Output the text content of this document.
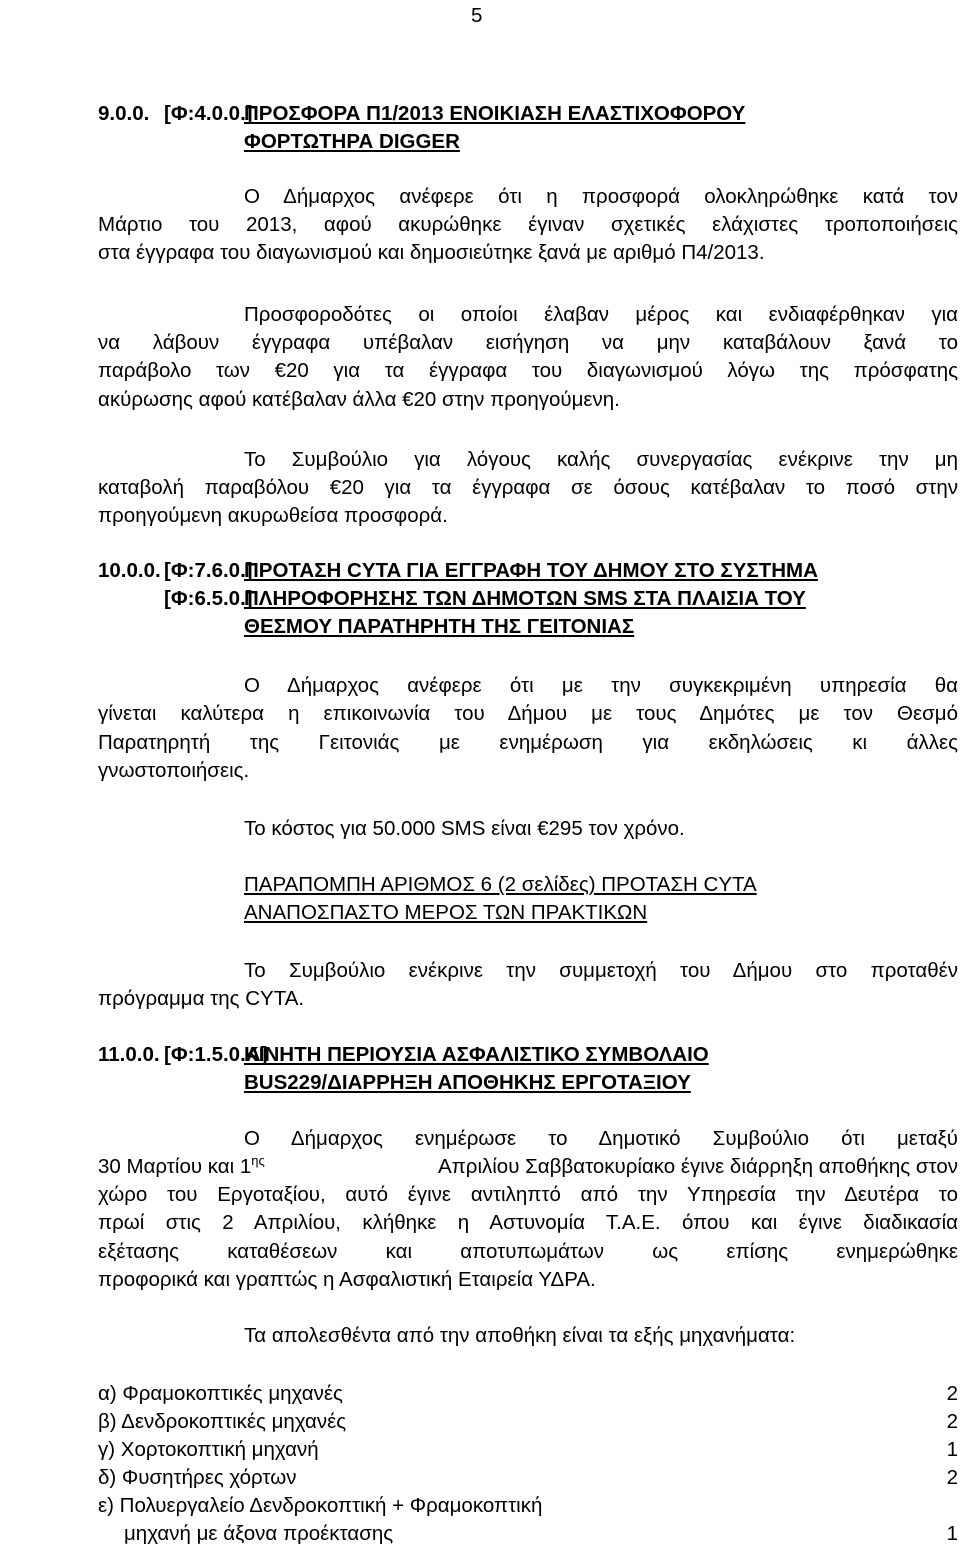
5
9.0.0. [Φ:4.0.0.]
ΠΡΟΣΦΟΡΑ Π1/2013 ΕΝΟΙΚΙΑΣΗ ΕΛΑΣΤΙΧΟΦΟΡΟΥ
ΦΟΡΤΩΤΗΡΑ DIGGER
Ο Δήμαρχος ανέφερε ότι η προσφορά ολοκληρώθηκε κατά τον
Μάρτιο του 2013, αφού ακυρώθηκε έγιναν σχετικές ελάχιστες τροποποιήσεις
στα έγγραφα του διαγωνισμού και δημοσιεύτηκε ξανά με αριθμό Π4/2013.
Προσφοροδότες οι οποίοι έλαβαν μέρος και ενδιαφέρθηκαν για
να λάβουν έγγραφα υπέβαλαν εισήγηση να μην καταβάλουν ξανά το
παράβολο των €20 για τα έγγραφα του διαγωνισμού λόγω της πρόσφατης
ακύρωσης αφού κατέβαλαν άλλα €20 στην προηγούμενη.
Το Συμβούλιο για λόγους καλής συνεργασίας ενέκρινε την μη
καταβολή παραβόλου €20 για τα έγγραφα σε όσους κατέβαλαν το ποσό στην
προηγούμενη ακυρωθείσα προσφορά.
10.0.0. [Φ:7.6.0.]
[Φ:6.5.0.]
ΠΡΟΤΑΣΗ CYTA ΓΙΑ ΕΓΓΡΑΦΗ ΤΟΥ ΔΗΜΟΥ ΣΤΟ ΣΥΣΤΗΜΑ
ΠΛΗΡΟΦΟΡΗΣΗΣ ΤΩΝ ΔΗΜΟΤΩΝ SMS ΣΤΑ ΠΛΑΙΣΙΑ ΤΟΥ
ΘΕΣΜΟΥ ΠΑΡΑΤΗΡΗΤΗ ΤΗΣ ΓΕΙΤΟΝΙΑΣ
Ο Δήμαρχος ανέφερε ότι με την συγκεκριμένη υπηρεσία θα
γίνεται καλύτερα η επικοινωνία του Δήμου με τους Δημότες με τον Θεσμό
Παρατηρητή της Γειτονιάς με ενημέρωση για εκδηλώσεις κι άλλες
γνωστοποιήσεις.
Το κόστος για 50.000 SMS είναι €295 τον χρόνο.
ΠΑΡΑΠΟΜΠΗ ΑΡΙΘΜΟΣ 6 (2 σελίδες) ΠΡΟΤΑΣΗ CYTA
ΑΝΑΠΟΣΠΑΣΤΟ ΜΕΡΟΣ ΤΩΝ ΠΡΑΚΤΙΚΩΝ
Το Συμβούλιο ενέκρινε την συμμετοχή του Δήμου στο προταθέν
πρόγραμμα της CYTA.
11.0.0. [Φ:1.5.0.Α]
ΚΙΝΗΤΗ ΠΕΡΙΟΥΣΙΑ ΑΣΦΑΛΙΣΤΙΚΟ ΣΥΜΒΟΛΑΙΟ
BUS229/ΔΙΑΡΡΗΞΗ ΑΠΟΘΗΚΗΣ ΕΡΓΟΤΑΞΙΟΥ
Ο Δήμαρχος ενημέρωσε το Δημοτικό Συμβούλιο ότι μεταξύ
30 Μαρτίου και $1^{\eta\varsigma}$	Απριλίου Σαββατοκυρίακο έγινε διάρρηξη αποθήκης στον
χώρο του Εργοταξίου, αυτό έγινε αντιληπτό από την Υπηρεσία την Δευτέρα το
πρωί στις 2 Απριλίου, κλήθηκε η Αστυνομία Τ.Α.Ε. όπου και έγινε διαδικασία
εξέτασης καταθέσεων και αποτυπωμάτων ως επίσης ενημερώθηκε
προφορικά και γραπτώς η Ασφαλιστική Εταιρεία ΥΔΡΑ.
Τα απολεσθέντα από την αποθήκη είναι τα εξής μηχανήματα:
α) Φραμοκοπτικές μηχανές	2
β) Δενδροκοπτικές μηχανές	2
γ) Χορτοκοπτική μηχανή	1
δ) Φυσητήρες χόρτων	2
ε) Πολυεργαλείο Δενδροκοπτική + Φραμοκοπτική
μηχανή με άξονα προέκτασης	1
